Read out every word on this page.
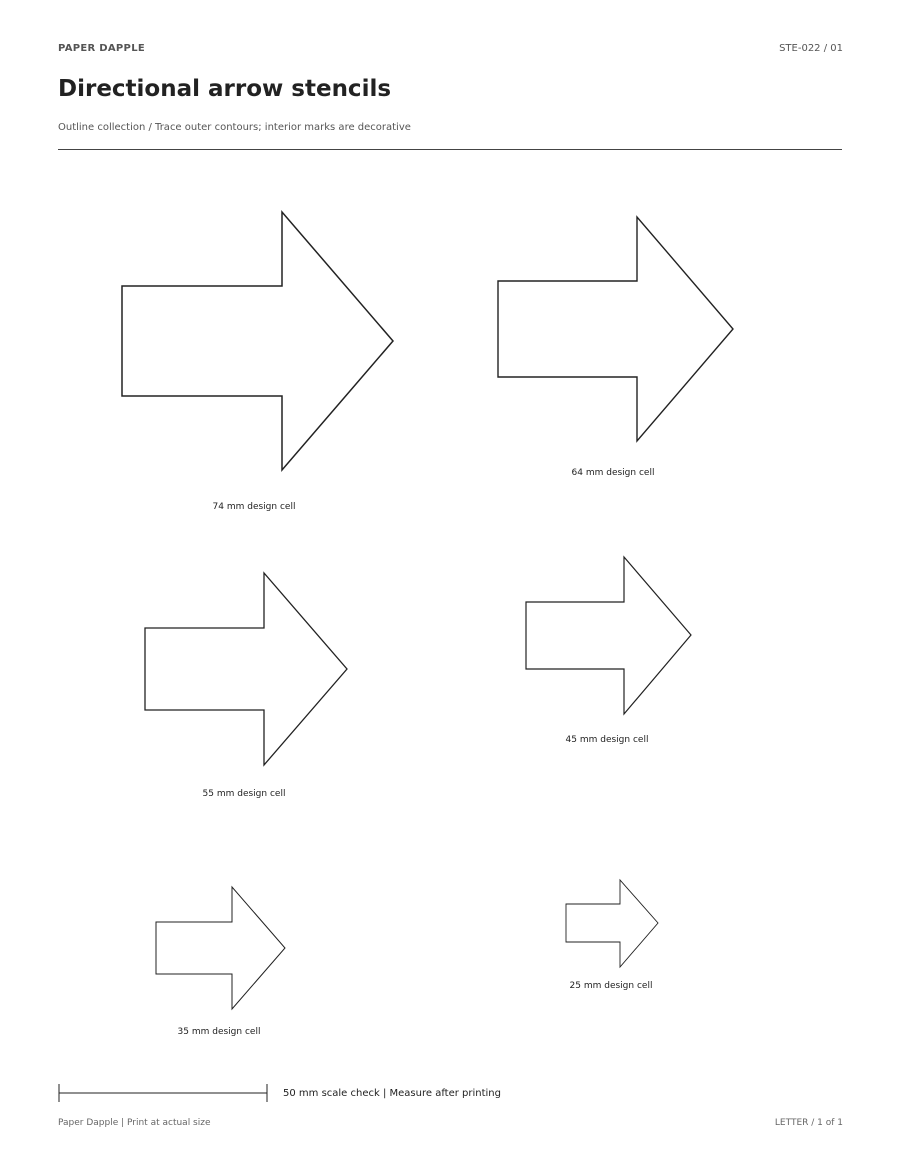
PAPER DAPPLE	STE-022 / 01
Directional arrow stencils
Outline collection / Trace outer contours; interior marks are decorative
74 mm design cell
64 mm design cell
55 mm design cell
45 mm design cell
35 mm design cell
25 mm design cell
50 mm scale check | Measure after printing
Paper Dapple | Print at actual size	LETTER / 1 of 1
